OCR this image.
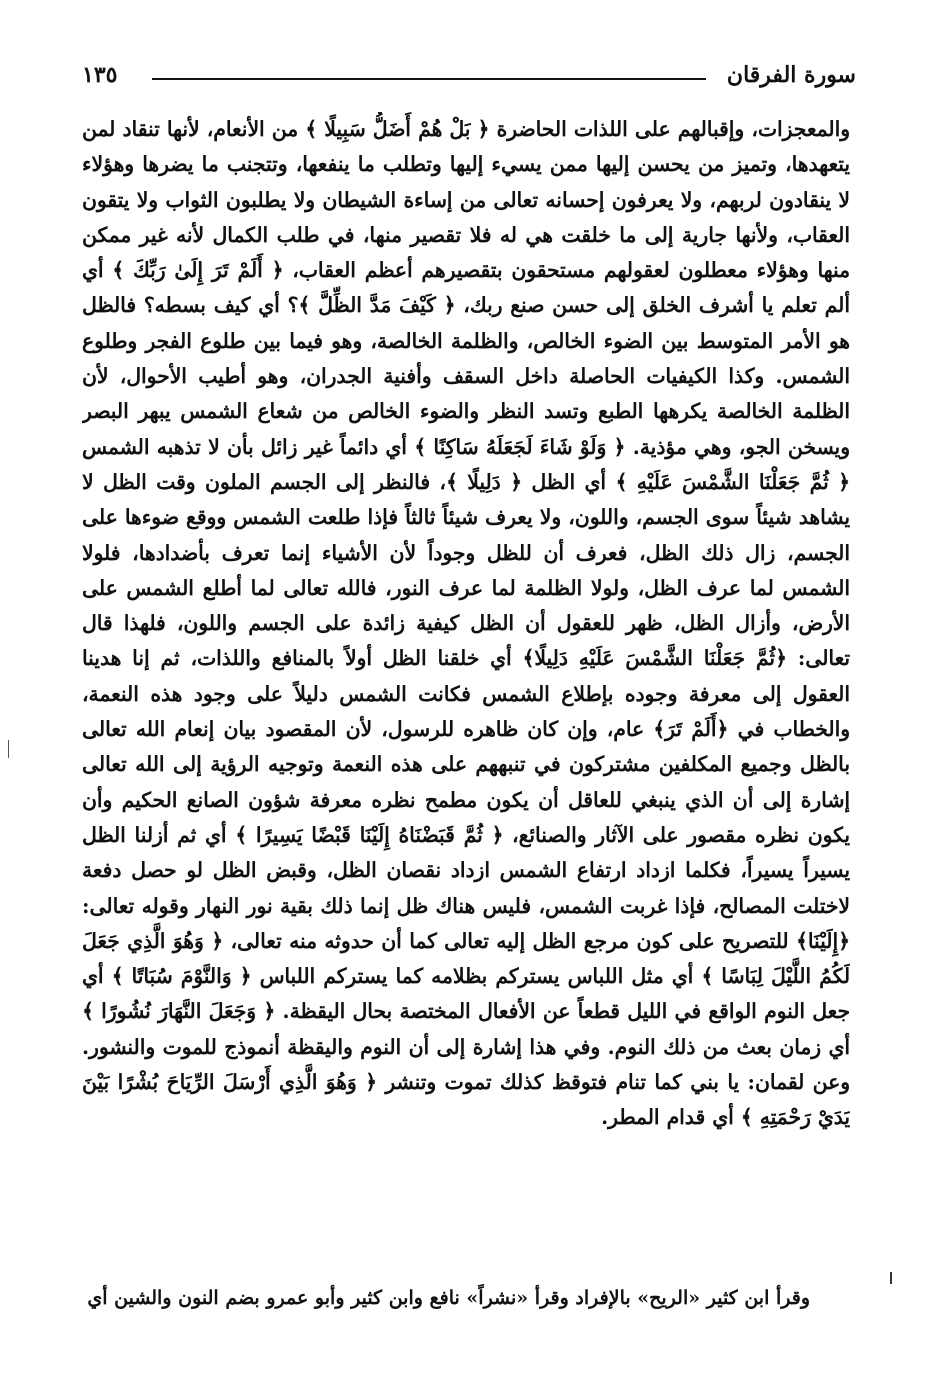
سورة الفرقان
١٣٥
والمعجزات، وإقبالهم على اللذات الحاضرة ﴿ بَلْ هُمْ أَضَلُّ سَبِيلًا ﴾ من الأنعام، لأنها تنقاد لمن يتعهدها، وتميز من يحسن إليها ممن يسيء إليها وتطلب ما ينفعها، وتتجنب ما يضرها وهؤلاء لا ينقادون لربهم، ولا يعرفون إحسانه تعالى من إساءة الشيطان ولا يطلبون الثواب ولا يتقون العقاب، ولأنها جارية إلى ما خلقت هي له فلا تقصير منها، في طلب الكمال لأنه غير ممكن منها وهؤلاء معطلون لعقولهم مستحقون بتقصيرهم أعظم العقاب، ﴿ أَلَمْ تَرَ إِلَىٰ رَبِّكَ ﴾ أي ألم تعلم يا أشرف الخلق إلى حسن صنع ربك، ﴿ كَيْفَ مَدَّ الظِّلَّ ﴾؟ أي كيف بسطه؟ فالظل هو الأمر المتوسط بين الضوء الخالص، والظلمة الخالصة، وهو فيما بين طلوع الفجر وطلوع الشمس. وكذا الكيفيات الحاصلة داخل السقف وأفنية الجدران، وهو أطيب الأحوال، لأن الظلمة الخالصة يكرهها الطبع وتسد النظر والضوء الخالص من شعاع الشمس يبهر البصر ويسخن الجو، وهي مؤذية. ﴿ وَلَوْ شَاءَ لَجَعَلَهُ سَاكِنًا ﴾ أي دائماً غير زائل بأن لا تذهبه الشمس ﴿ ثُمَّ جَعَلْنَا الشَّمْسَ عَلَيْهِ ﴾ أي الظل ﴿ دَلِيلًا ﴾، فالنظر إلى الجسم الملون وقت الظل لا يشاهد شيئاً سوى الجسم، واللون، ولا يعرف شيئاً ثالثاً فإذا طلعت الشمس ووقع ضوءها على الجسم، زال ذلك الظل، فعرف أن للظل وجوداً لأن الأشياء إنما تعرف بأضدادها، فلولا الشمس لما عرف الظل، ولولا الظلمة لما عرف النور، فالله تعالى لما أطلع الشمس على الأرض، وأزال الظل، ظهر للعقول أن الظل كيفية زائدة على الجسم واللون، فلهذا قال تعالى: ﴿ثُمَّ جَعَلْنَا الشَّمْسَ عَلَيْهِ دَلِيلًا﴾ أي خلقنا الظل أولاً بالمنافع واللذات، ثم إنا هدينا العقول إلى معرفة وجوده بإطلاع الشمس فكانت الشمس دليلاً على وجود هذه النعمة، والخطاب في ﴿أَلَمْ تَرَ﴾ عام، وإن كان ظاهره للرسول، لأن المقصود بيان إنعام الله تعالى بالظل وجميع المكلفين مشتركون في تنبههم على هذه النعمة وتوجيه الرؤية إلى الله تعالى إشارة إلى أن الذي ينبغي للعاقل أن يكون مطمح نظره معرفة شؤون الصانع الحكيم وأن يكون نظره مقصور على الآثار والصنائع، ﴿ ثُمَّ قَبَضْنَاهُ إِلَيْنَا قَبْضًا يَسِيرًا ﴾ أي ثم أزلنا الظل يسيراً يسيراً، فكلما ازداد ارتفاع الشمس ازداد نقصان الظل، وقبض الظل لو حصل دفعة لاختلت المصالح، فإذا غربت الشمس، فليس هناك ظل إنما ذلك بقية نور النهار وقوله تعالى: ﴿إِلَيْنَا﴾ للتصريح على كون مرجع الظل إليه تعالى كما أن حدوثه منه تعالى، ﴿ وَهُوَ الَّذِي جَعَلَ لَكُمُ اللَّيْلَ لِبَاسًا ﴾ أي مثل اللباس يستركم بظلامه كما يستركم اللباس ﴿ وَالنَّوْمَ سُبَاتًا ﴾ أي جعل النوم الواقع في الليل قطعاً عن الأفعال المختصة بحال اليقظة. ﴿ وَجَعَلَ النَّهَارَ نُشُورًا ﴾ أي زمان بعث من ذلك النوم. وفي هذا إشارة إلى أن النوم واليقظة أنموذج للموت والنشور. وعن لقمان: يا بني كما تنام فتوقظ كذلك تموت وتنشر ﴿ وَهُوَ الَّذِي أَرْسَلَ الرِّيَاحَ بُشْرًا بَيْنَ يَدَيْ رَحْمَتِهِ ﴾ أي قدام المطر.
وقرأ ابن كثير «الريح» بالإفراد وقرأ «نشراً» نافع وابن كثير وأبو عمرو بضم النون والشين أي
